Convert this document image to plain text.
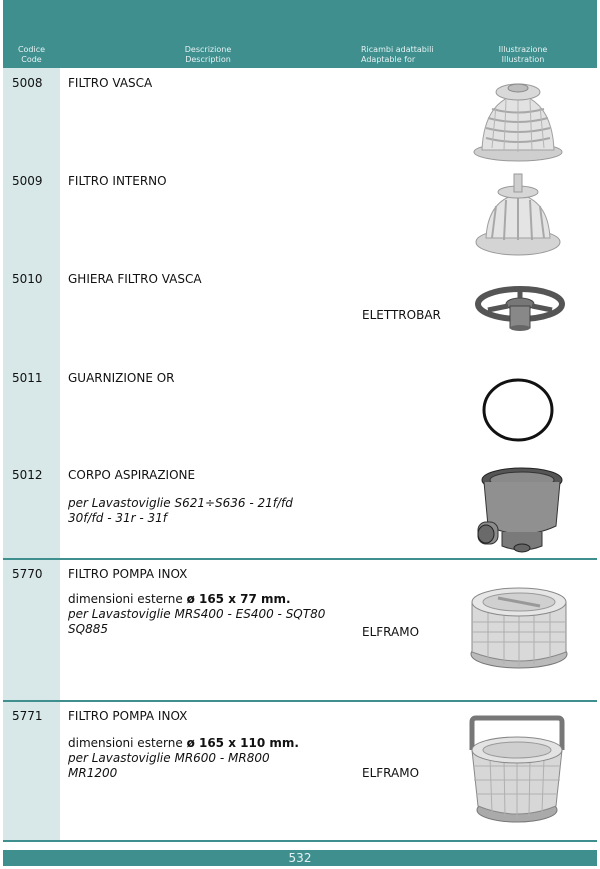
Codice
Code
Descrizione
Description
Ricambi adattabili
Adaptable for
Illustrazione
Illustration
5008 FILTRO VASCA
5009 FILTRO INTERNO
5010 GHIERA FILTRO VASCA
ELETTROBAR
5011 GUARNIZIONE OR
5012 CORPO ASPIRAZIONE
per Lavastoviglie S621÷S636 - 21f/fd
30f/fd - 31r - 31f
5770 FILTRO POMPA INOX
dimensioni esterne ø 165 x 77 mm.
per Lavastoviglie MRS400 - ES400 - SQT80
SQ885	ELFRAMO
5771 FILTRO POMPA INOX
dimensioni esterne ø 165 x 110 mm.
per Lavastoviglie MR600 - MR800
MR1200	ELFRAMO
532
